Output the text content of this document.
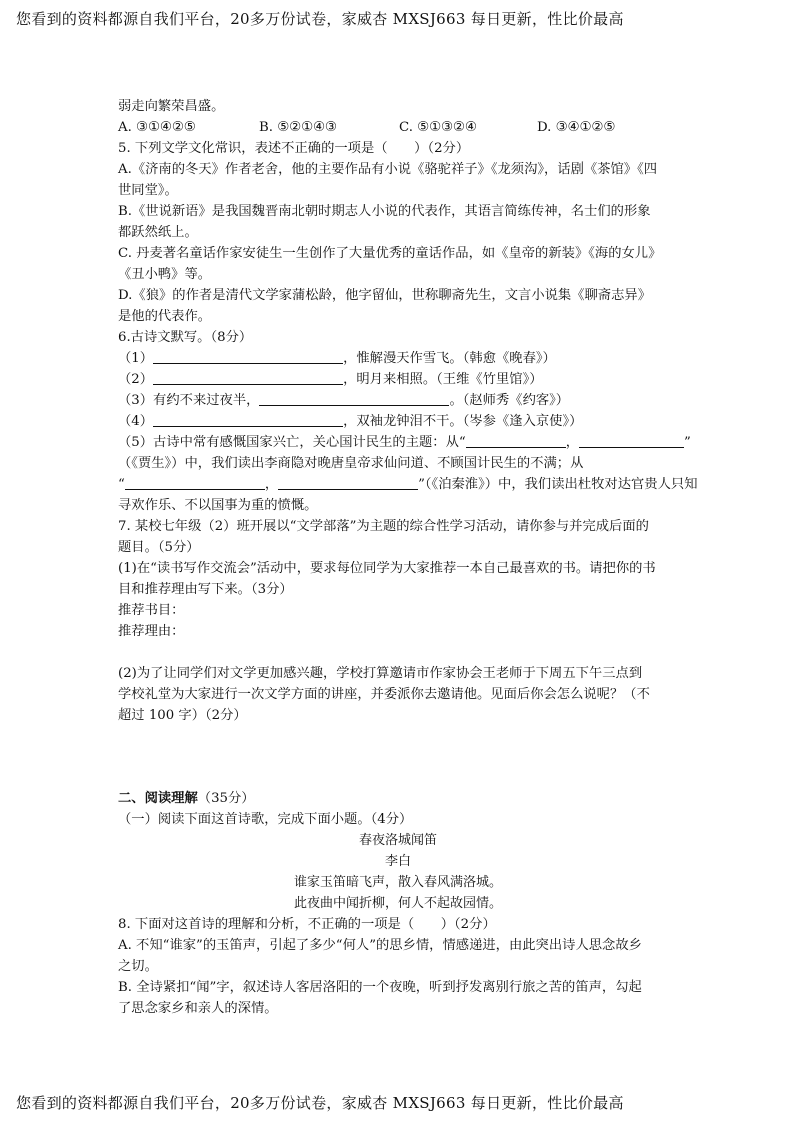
您看到的资料都源自我们平台，20多万份试卷，家威杏 MXSJ663 每日更新，性比价最高
弱走向繁荣昌盛。
A. ③①④②⑤	B. ⑤②①④③	C. ⑤①③②④	D. ③④①②⑤
5. 下列文学文化常识，表述不正确的一项是（　　）（2分）
A.《济南的冬天》作者老舍，他的主要作品有小说《骆驼祥子》《龙须沟》，话剧《茶馆》《四
世同堂》。
B.《世说新语》是我国魏晋南北朝时期志人小说的代表作，其语言简练传神，名士们的形象
都跃然纸上。
C. 丹麦著名童话作家安徒生一生创作了大量优秀的童话作品，如《皇帝的新装》《海的女儿》
《丑小鸭》等。
D.《狼》的作者是清代文学家蒲松龄，他字留仙，世称聊斋先生，文言小说集《聊斋志异》
是他的代表作。
6.古诗文默写。（8分）
（1）	，惟解漫天作雪飞。（韩愈《晚春》）
（2）	，明月来相照。（王维《竹里馆》）
（3）有约不来过夜半，	。（赵师秀《约客》）
（4）	，双袖龙钟泪不干。（岑参《逢入京使》）
（5）古诗中常有感慨国家兴亡，关心国计民生的主题：从“	，	”
（《贾生》）中，我们读出李商隐对晚唐皇帝求仙问道、不顾国计民生的不满；从
“	，	”（《泊秦淮》）中，我们读出杜牧对达官贵人只知
寻欢作乐、不以国事为重的愤慨。
7. 某校七年级（2）班开展以“文学部落”为主题的综合性学习活动，请你参与并完成后面的
题目。（5分）
(1)在“读书写作交流会”活动中，要求每位同学为大家推荐一本自己最喜欢的书。请把你的书
目和推荐理由写下来。（3分）
推荐书目：
推荐理由：
(2)为了让同学们对文学更加感兴趣，学校打算邀请市作家协会王老师于下周五下午三点到
学校礼堂为大家进行一次文学方面的讲座，并委派你去邀请他。见面后你会怎么说呢？（不
超过 100 字）（2分）
二、阅读理解（35分）
（一）阅读下面这首诗歌，完成下面小题。（4分）
春夜洛城闻笛
李白
谁家玉笛暗飞声，散入春风满洛城。
此夜曲中闻折柳，何人不起故园情。
8. 下面对这首诗的理解和分析，不正确的一项是（　　）（2分）
A. 不知“谁家”的玉笛声，引起了多少“何人”的思乡情，情感递进，由此突出诗人思念故乡
之切。
B. 全诗紧扣“闻”字，叙述诗人客居洛阳的一个夜晚，听到抒发离别行旅之苦的笛声，勾起
了思念家乡和亲人的深情。
您看到的资料都源自我们平台，20多万份试卷，家威杏 MXSJ663 每日更新，性比价最高
